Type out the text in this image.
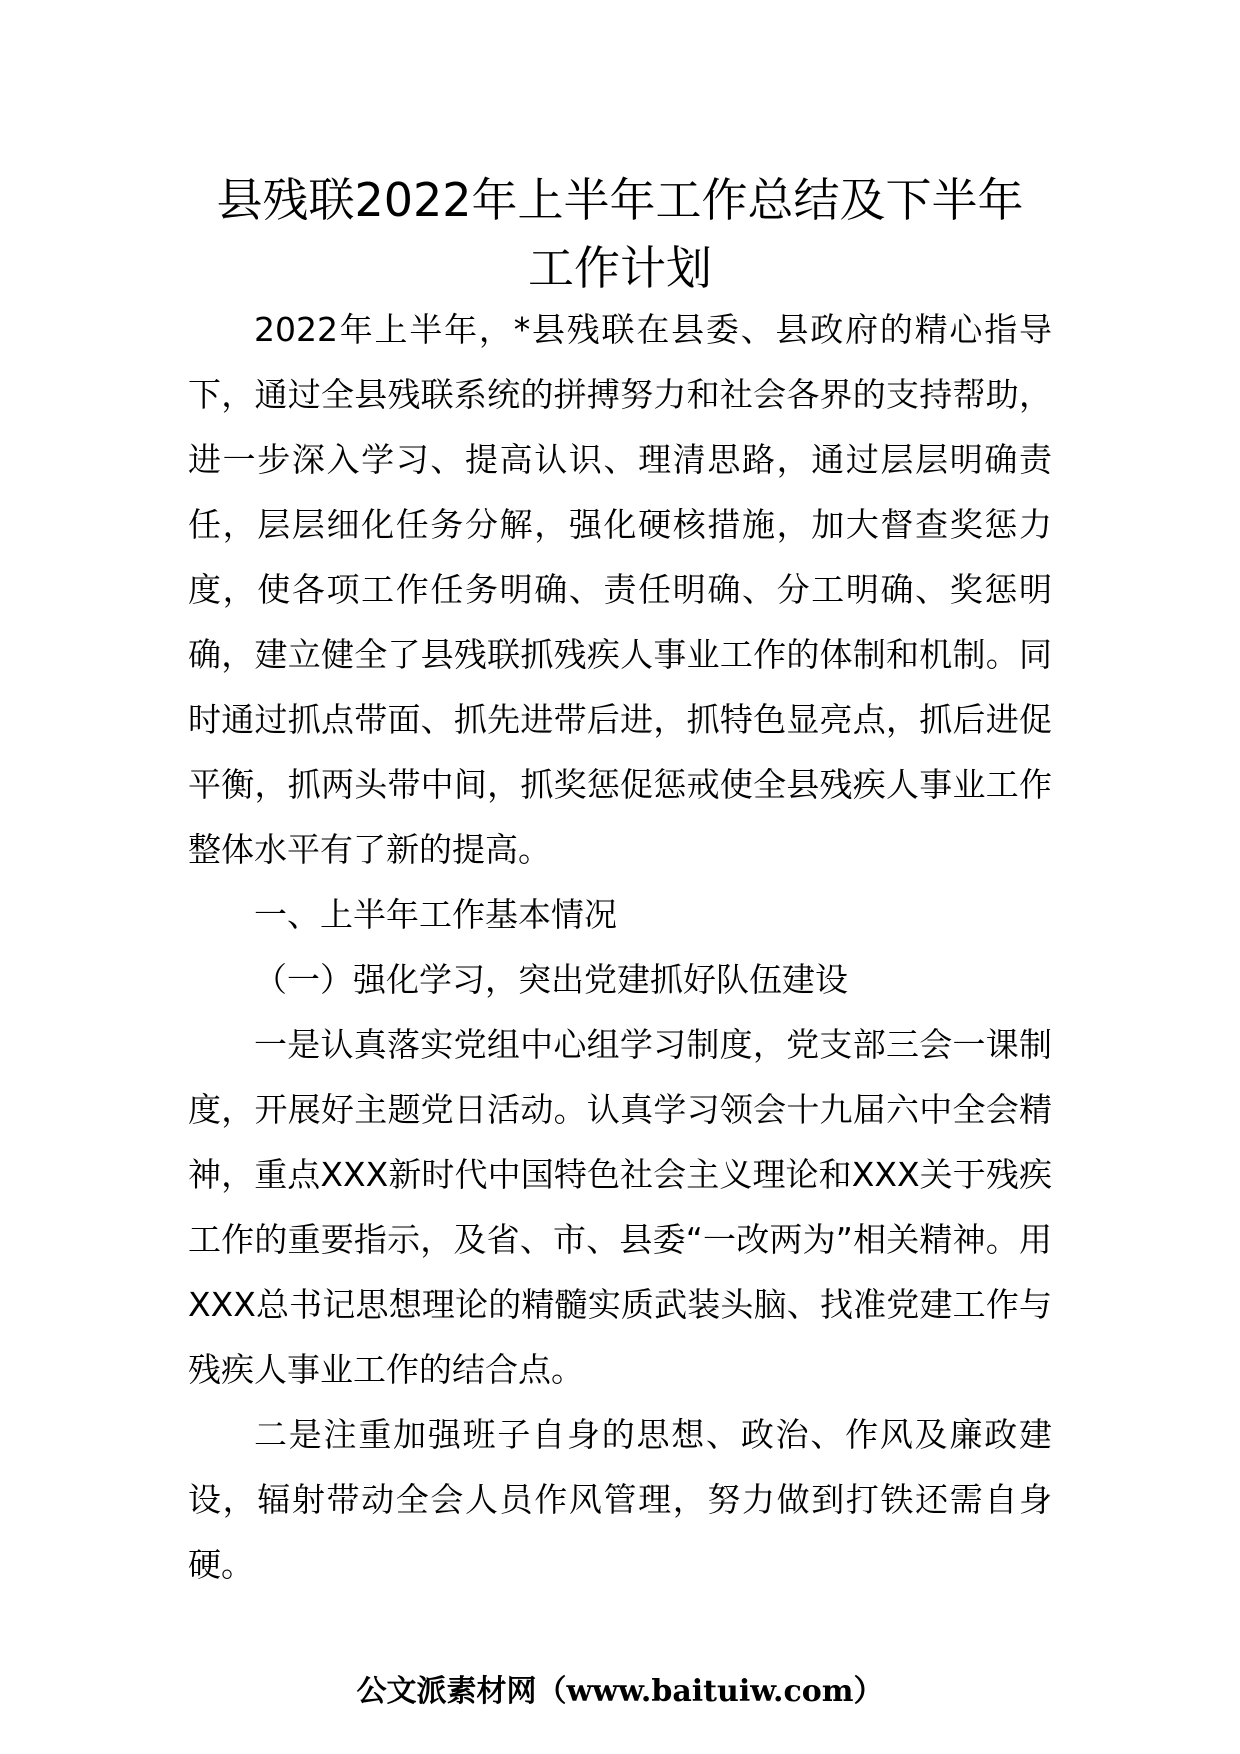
县残联2022年上半年工作总结及下半年
工作计划

2022年上半年，*县残联在县委、县政府的精心指导下，通过全县残联系统的拼搏努力和社会各界的支持帮助，进一步深入学习、提高认识、理清思路，通过层层明确责任，层层细化任务分解，强化硬核措施，加大督查奖惩力度，使各项工作任务明确、责任明确、分工明确、奖惩明确，建立健全了县残联抓残疾人事业工作的体制和机制。同时通过抓点带面、抓先进带后进，抓特色显亮点，抓后进促平衡，抓两头带中间，抓奖惩促惩戒使全县残疾人事业工作整体水平有了新的提高。

一、上半年工作基本情况

（一）强化学习，突出党建抓好队伍建设

一是认真落实党组中心组学习制度，党支部三会一课制度，开展好主题党日活动。认真学习领会十九届六中全会精神，重点XXX新时代中国特色社会主义理论和XXX关于残疾工作的重要指示，及省、市、县委“一改两为”相关精神。用XXX总书记思想理论的精髓实质武装头脑、找准党建工作与残疾人事业工作的结合点。

二是注重加强班子自身的思想、政治、作风及廉政建设，辐射带动全会人员作风管理，努力做到打铁还需自身硬。

公文派素材网（www.baituiw.com）
